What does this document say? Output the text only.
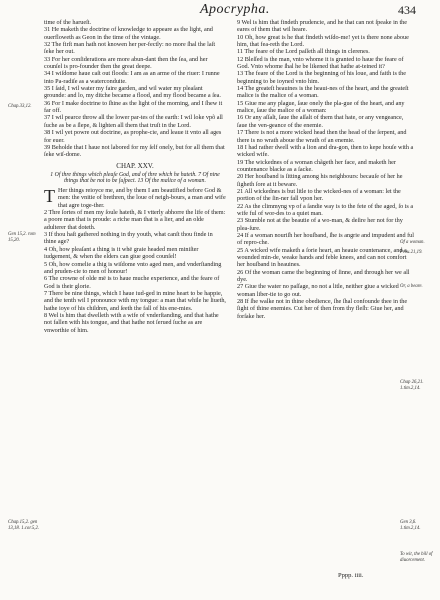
Apocrypha.	434
time of the harueſt.
31 He maketh the doctrine of knowledge to appeare as the light, and ouerfloweth as Geon in the time of the vintage.
32 The firſt man hath not knowen her per-fectly: no more ſhal the laſt ſeke her out.
33 For her conſiderations are more abun-dant then the ſea, and her counſel is pro-founder then the great deepe.
34 I wiſdome haue caſt out floods: I am as an arme of the riuer: I runne into Pa-radiſe as a waterconduite.
35 I ſaid, I wil water my faire garden, and wil water my pleaſant grounde: and lo, my ditche became a flood, and my flood became a ſea.
36 For I make doctrine to ſhine as the light of the morning, and I ſhew it far off.
37 I wil pearce throw all the lower par-tes of the earth: I wil loke vpõ all ſuche as be a ſlepe, & lighten all them that truſt in the Lord.
38 I wil yet powre out doctrine, as prophe-cie, and leaue it vnto all ages for euer.
39 Beholde that I haue not labored for my ſelf onely, but for all them that ſeke wiſ-dome.
CHAP. XXV.
1 Of thre things which pleaſe God, and of thre which he hateth. 7 Of nine things that be not to be ſuſpect. 13 Of the malice of a woman.
T Her things reioyce me, and by them I am beautified before God & men: the vnitie of brethren, the loue of neigh-bours, a man and wife that agre toge-ther.
2 Thre ſortes of men my ſoule hateth, & I vtterly abhorre the life of them: a poore man that is proude: a riche man that is a lier, and an olde adulterer that doteth.
3 If thou haſt gathered nothing in thy youth, what canſt thou finde in thine age?
4 Oh, how pleaſant a thing is it whē graie headed men miniſter iudgement, & when the elders can giue good counſel!
5 Oh, how comelie a thig is wiſdome vnto aged men, and vnderſtanding and pruden-cie to men of honour!
6 The crowne of olde mē is to haue muche experience, and the feare of God is their glorie.
7 There be nine things, which I haue iud-ged in mine heart to be happie, and the tenth wil I pronounce with my tongue: a man that while he liueth, hathe ioye of his children, and ſeeth the fall of his ene-mies.
8 Wel is him that dwelleth with a wife of vnderſtanding, and that hathe not fallen with his tongue, and that hathe not ſerued ſuche as are vnworthie of him.
9 Wel is him that findeth prudencie, and he that can not ſpeake in the eares of them that wil heare.
10 Oh, how great is he that findeth wiſdo-me! yet is there none aboue him, that fea-reth the Lord.
11 The feare of the Lord paſſeth all things in clerenes.
12 Bleſſed is the man, vnto whome it is granted to haue the feare of God. Vnto whome ſhal he be likened that hathe at-teined it?
13 The feare of the Lord is the beginning of his loue, and faith is the beginning to be ioyned vnto him.
14 The greateſt heauines is the heaui-nes of the heart, and the greateſt malice is the malice of a woman.
15 Giue me any plague, ſaue onely the pla-gue of the heart, and any malice, ſaue the malice of a woman:
16 Or any aſſalt, ſaue the aſſalt of them that hate, or any vengeance, ſaue the ven-geance of the enemie.
17 There is not a more wicked head then the head of the ſerpent, and there is no wrath aboue the wrath of an enemie.
18 I had rather dwell with a lion and dra-gon, then to kepe houſe with a wicked wife.
19 The wickednes of a woman chãgeth her face, and maketh her countenance blacke as a ſacke.
20 Her houſband is ſitting among his neighbours: becauſe of her he ſigheth ſore at it beware.
21 All wickednes is but litle to the wicked-nes of a woman: let the portion of the ſin-ner fall vpon her.
22 As the climmyng vp of a ſandie way is to the fete of the aged, ſo is a wife ful of wor-des to a quiet man.
23 Stumble not at the beautie of a wo-man, & deſire her not for thy plea-ſure.
24 If a woman nouriſh her houſband, ſhe is angrie and impudent and ful of repro-che.
25 A wicked wife maketh a ſorie heart, an heauie countenance, and a wounded min-de, weake hands and feble knees, and can not comfort her houſband in heauines.
26 Of the woman came the beginning of ſinne, and through her we all dye.
27 Giue the water no paſſage, no not a litle, neither giue a wicked woman liber-tie to go out.
28 If ſhe walke not in thine obedience, ſhe ſhal confounde thee in the ſight of thine enemies. Cut her of then from thy fleſh: Giue her, and forſake her.
Chap.33,12.
Gen 15,2. rom 15,20.
Chap.15,2. gen 13,18. 1.cor.5,2.
Of a woman.
Prou.21,19.
Or, a beare.
Chap 26,21. 1.tim.2,14.
Gen 3,6. 1.tim.2,14.
To wit, the bill of diuorcement.
Pppp. iiii.
